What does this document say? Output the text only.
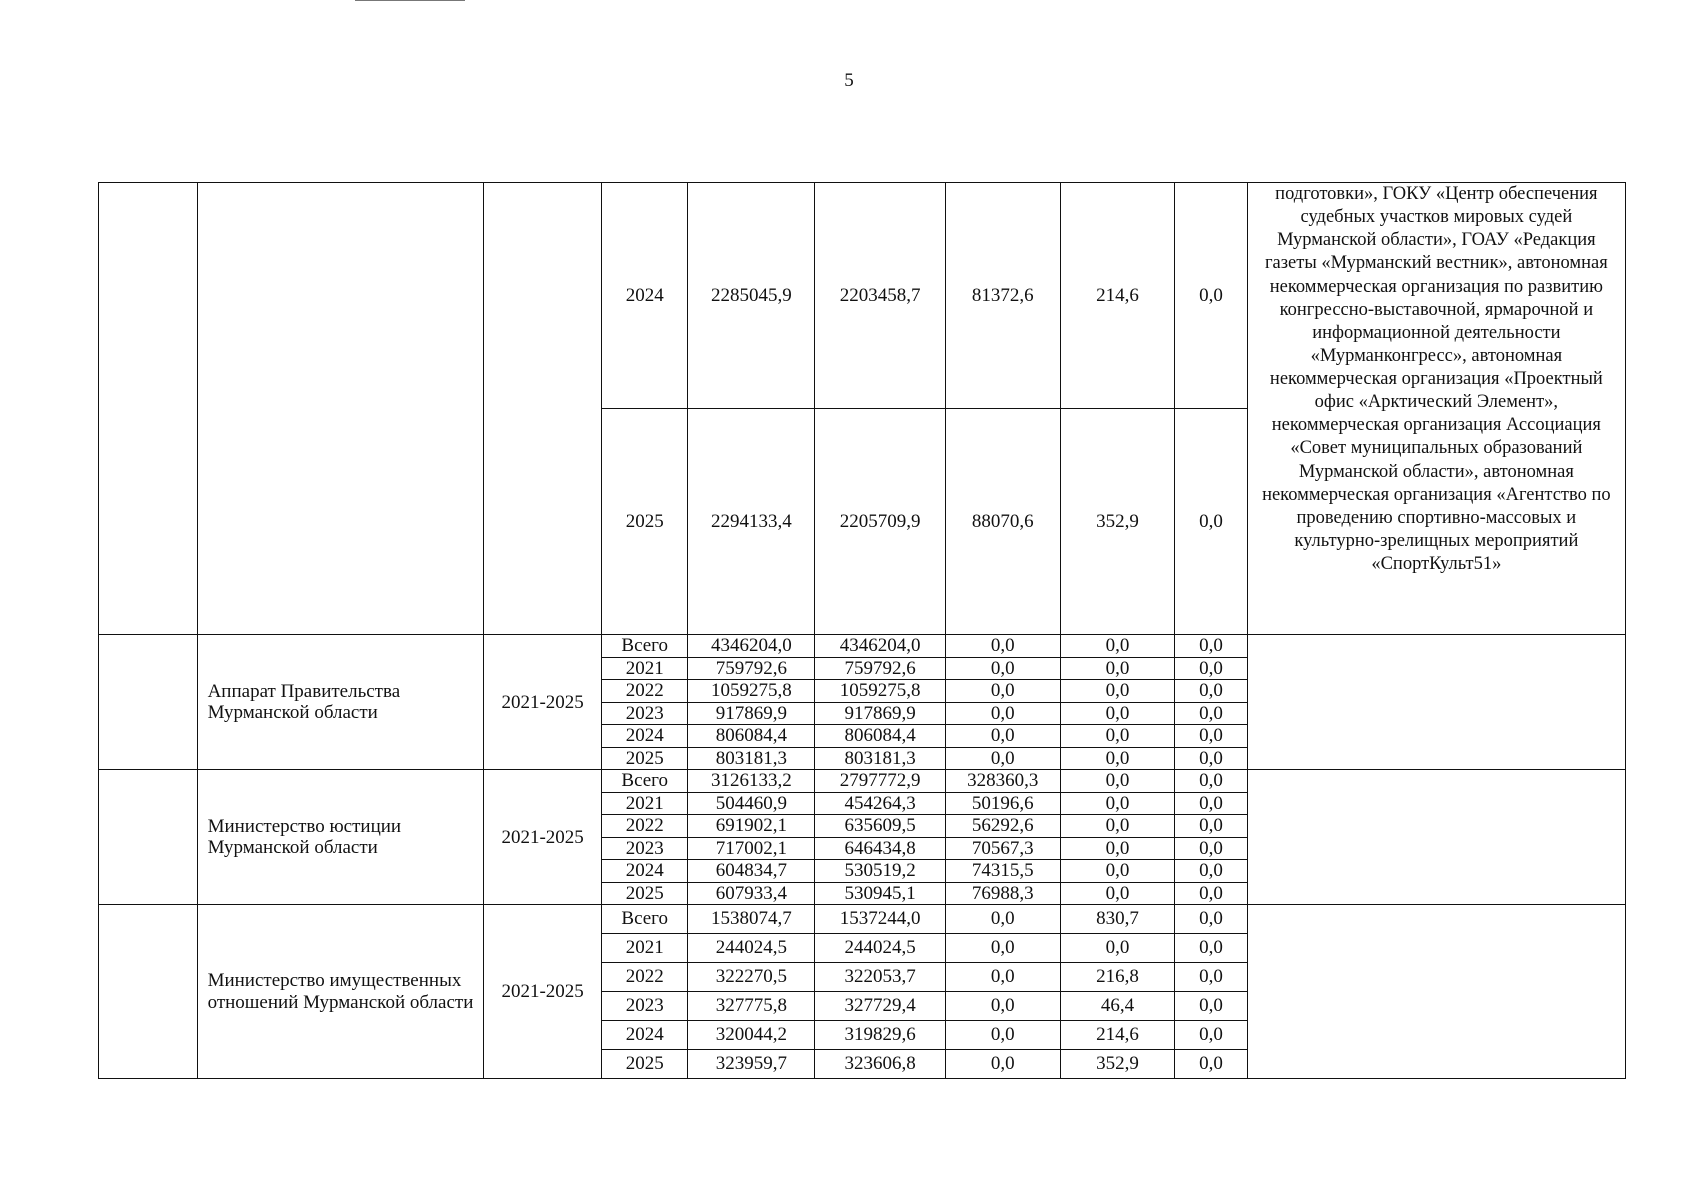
5
			2024	2285045,9	2203458,7	81372,6	214,6	0,0	подготовки», ГОКУ «Центр обеспечения судебных участков мировых судей Мурманской области», ГОАУ «Редакция газеты «Мурманский вестник», автономная некоммерческая организация по развитию конгрессно-выставочной, ярмарочной и информационной деятельности «Мурманконгресс», автономная некоммерческая организация «Проектный офис «Арктический Элемент», некоммерческая организация Ассоциация «Совет муниципальных образований Мурманской области», автономная некоммерческая организация «Агентство по проведению спортивно-массовых и культурно-зрелищных мероприятий «СпортКульт51»
			2025	2294133,4	2205709,9	88070,6	352,9	0,0	
	Аппарат Правительства Мурманской области	2021-2025	Всего	4346204,0	4346204,0	0,0	0,0	0,0	
			2021	759792,6	759792,6	0,0	0,0	0,0	
			2022	1059275,8	1059275,8	0,0	0,0	0,0	
			2023	917869,9	917869,9	0,0	0,0	0,0	
			2024	806084,4	806084,4	0,0	0,0	0,0	
			2025	803181,3	803181,3	0,0	0,0	0,0	
	Министерство юстиции Мурманской области	2021-2025	Всего	3126133,2	2797772,9	328360,3	0,0	0,0	
			2021	504460,9	454264,3	50196,6	0,0	0,0	
			2022	691902,1	635609,5	56292,6	0,0	0,0	
			2023	717002,1	646434,8	70567,3	0,0	0,0	
			2024	604834,7	530519,2	74315,5	0,0	0,0	
			2025	607933,4	530945,1	76988,3	0,0	0,0	
	Министерство имущественных отношений Мурманской области	2021-2025	Всего	1538074,7	1537244,0	0,0	830,7	0,0	
			2021	244024,5	244024,5	0,0	0,0	0,0	
			2022	322270,5	322053,7	0,0	216,8	0,0	
			2023	327775,8	327729,4	0,0	46,4	0,0	
			2024	320044,2	319829,6	0,0	214,6	0,0	
			2025	323959,7	323606,8	0,0	352,9	0,0	
